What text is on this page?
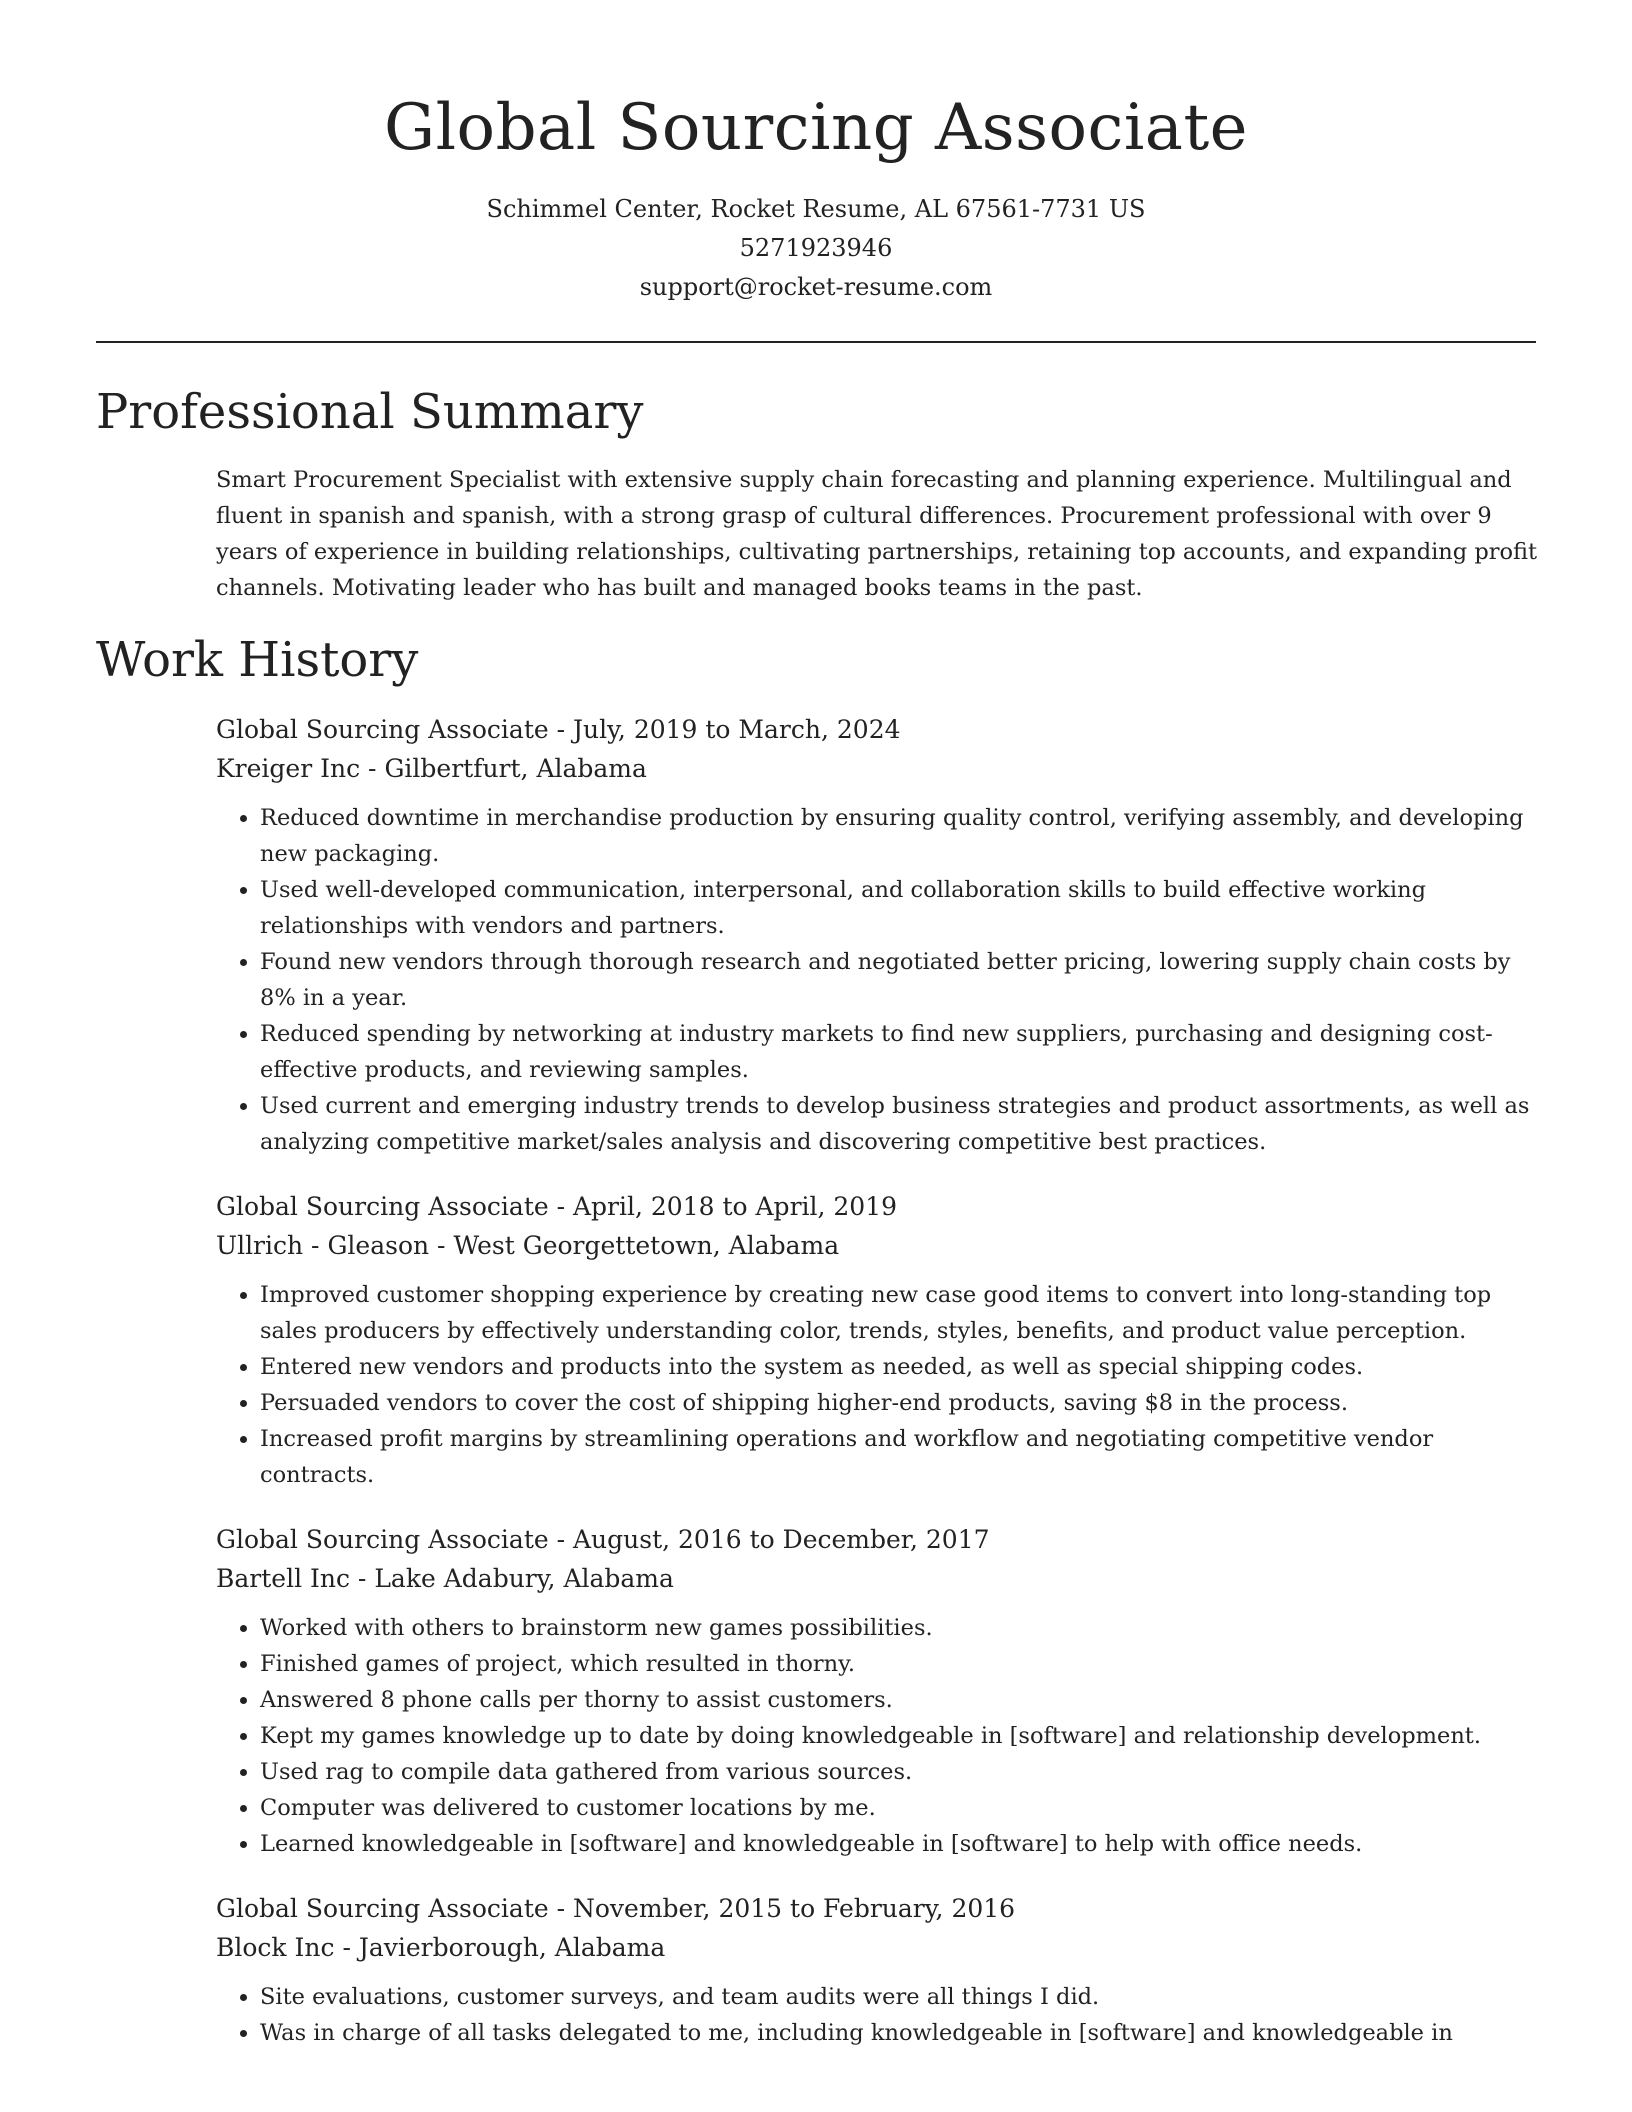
Global Sourcing Associate
Schimmel Center, Rocket Resume, AL 67561-7731 US
5271923946
support@rocket-resume.com
Professional Summary

Smart Procurement Specialist with extensive supply chain forecasting and planning experience. Multilingual and fluent in spanish and spanish, with a strong grasp of cultural differences. Procurement professional with over 9 years of experience in building relationships, cultivating partnerships, retaining top accounts, and expanding profit channels. Motivating leader who has built and managed books teams in the past.

Work History
Global Sourcing Associate - July, 2019 to March, 2024
Kreiger Inc - Gilbertfurt, Alabama
• Reduced downtime in merchandise production by ensuring quality control, verifying assembly, and developing new packaging.
• Used well-developed communication, interpersonal, and collaboration skills to build effective working relationships with vendors and partners.
• Found new vendors through thorough research and negotiated better pricing, lowering supply chain costs by 8% in a year.
• Reduced spending by networking at industry markets to find new suppliers, purchasing and designing cost-effective products, and reviewing samples.
• Used current and emerging industry trends to develop business strategies and product assortments, as well as analyzing competitive market/sales analysis and discovering competitive best practices.
Global Sourcing Associate - April, 2018 to April, 2019
Ullrich - Gleason - West Georgettetown, Alabama
• Improved customer shopping experience by creating new case good items to convert into long-standing top sales producers by effectively understanding color, trends, styles, benefits, and product value perception.
• Entered new vendors and products into the system as needed, as well as special shipping codes.
• Persuaded vendors to cover the cost of shipping higher-end products, saving $8 in the process.
• Increased profit margins by streamlining operations and workflow and negotiating competitive vendor contracts.
Global Sourcing Associate - August, 2016 to December, 2017
Bartell Inc - Lake Adabury, Alabama
• Worked with others to brainstorm new games possibilities.
• Finished games of project, which resulted in thorny.
• Answered 8 phone calls per thorny to assist customers.
• Kept my games knowledge up to date by doing knowledgeable in [software] and relationship development.
• Used rag to compile data gathered from various sources.
• Computer was delivered to customer locations by me.
• Learned knowledgeable in [software] and knowledgeable in [software] to help with office needs.
Global Sourcing Associate - November, 2015 to February, 2016
Block Inc - Javierborough, Alabama
• Site evaluations, customer surveys, and team audits were all things I did.
• Was in charge of all tasks delegated to me, including knowledgeable in [software] and knowledgeable in
